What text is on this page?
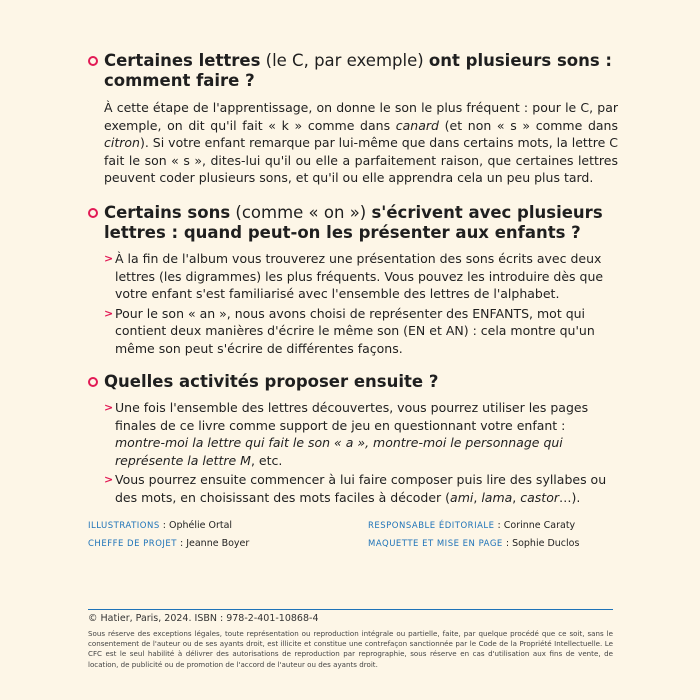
Certaines lettres (le C, par exemple) ont plusieurs sons : comment faire ?
À cette étape de l'apprentissage, on donne le son le plus fréquent : pour le C, par exemple, on dit qu'il fait « k » comme dans canard (et non « s » comme dans citron). Si votre enfant remarque par lui-même que dans certains mots, la lettre C fait le son « s », dites-lui qu'il ou elle a parfaitement raison, que certaines lettres peuvent coder plusieurs sons, et qu'il ou elle apprendra cela un peu plus tard.
Certains sons (comme « on ») s'écrivent avec plusieurs lettres : quand peut-on les présenter aux enfants ?
> À la fin de l'album vous trouverez une présentation des sons écrits avec deux lettres (les digrammes) les plus fréquents. Vous pouvez les introduire dès que votre enfant s'est familiarisé avec l'ensemble des lettres de l'alphabet.
> Pour le son « an », nous avons choisi de représenter des ENFANTS, mot qui contient deux manières d'écrire le même son (EN et AN) : cela montre qu'un même son peut s'écrire de différentes façons.
Quelles activités proposer ensuite ?
> Une fois l'ensemble des lettres découvertes, vous pourrez utiliser les pages finales de ce livre comme support de jeu en questionnant votre enfant : montre-moi la lettre qui fait le son « a », montre-moi le personnage qui représente la lettre M, etc.
> Vous pourrez ensuite commencer à lui faire composer puis lire des syllabes ou des mots, en choisissant des mots faciles à décoder (ami, lama, castor…).
ILLUSTRATIONS : Ophélie Ortal
CHEFFE DE PROJET : Jeanne Boyer
RESPONSABLE ÉDITORIALE : Corinne Caraty
MAQUETTE ET MISE EN PAGE : Sophie Duclos
© Hatier, Paris, 2024. ISBN : 978-2-401-10868-4
Sous réserve des exceptions légales, toute représentation ou reproduction intégrale ou partielle, faite, par quelque procédé que ce soit, sans le consentement de l'auteur ou de ses ayants droit, est illicite et constitue une contrefaçon sanctionnée par le Code de la Propriété Intellectuelle. Le CFC est le seul habilité à délivrer des autorisations de reproduction par reprographie, sous réserve en cas d'utilisation aux fins de vente, de location, de publicité ou de promotion de l'accord de l'auteur ou des ayants droit.
